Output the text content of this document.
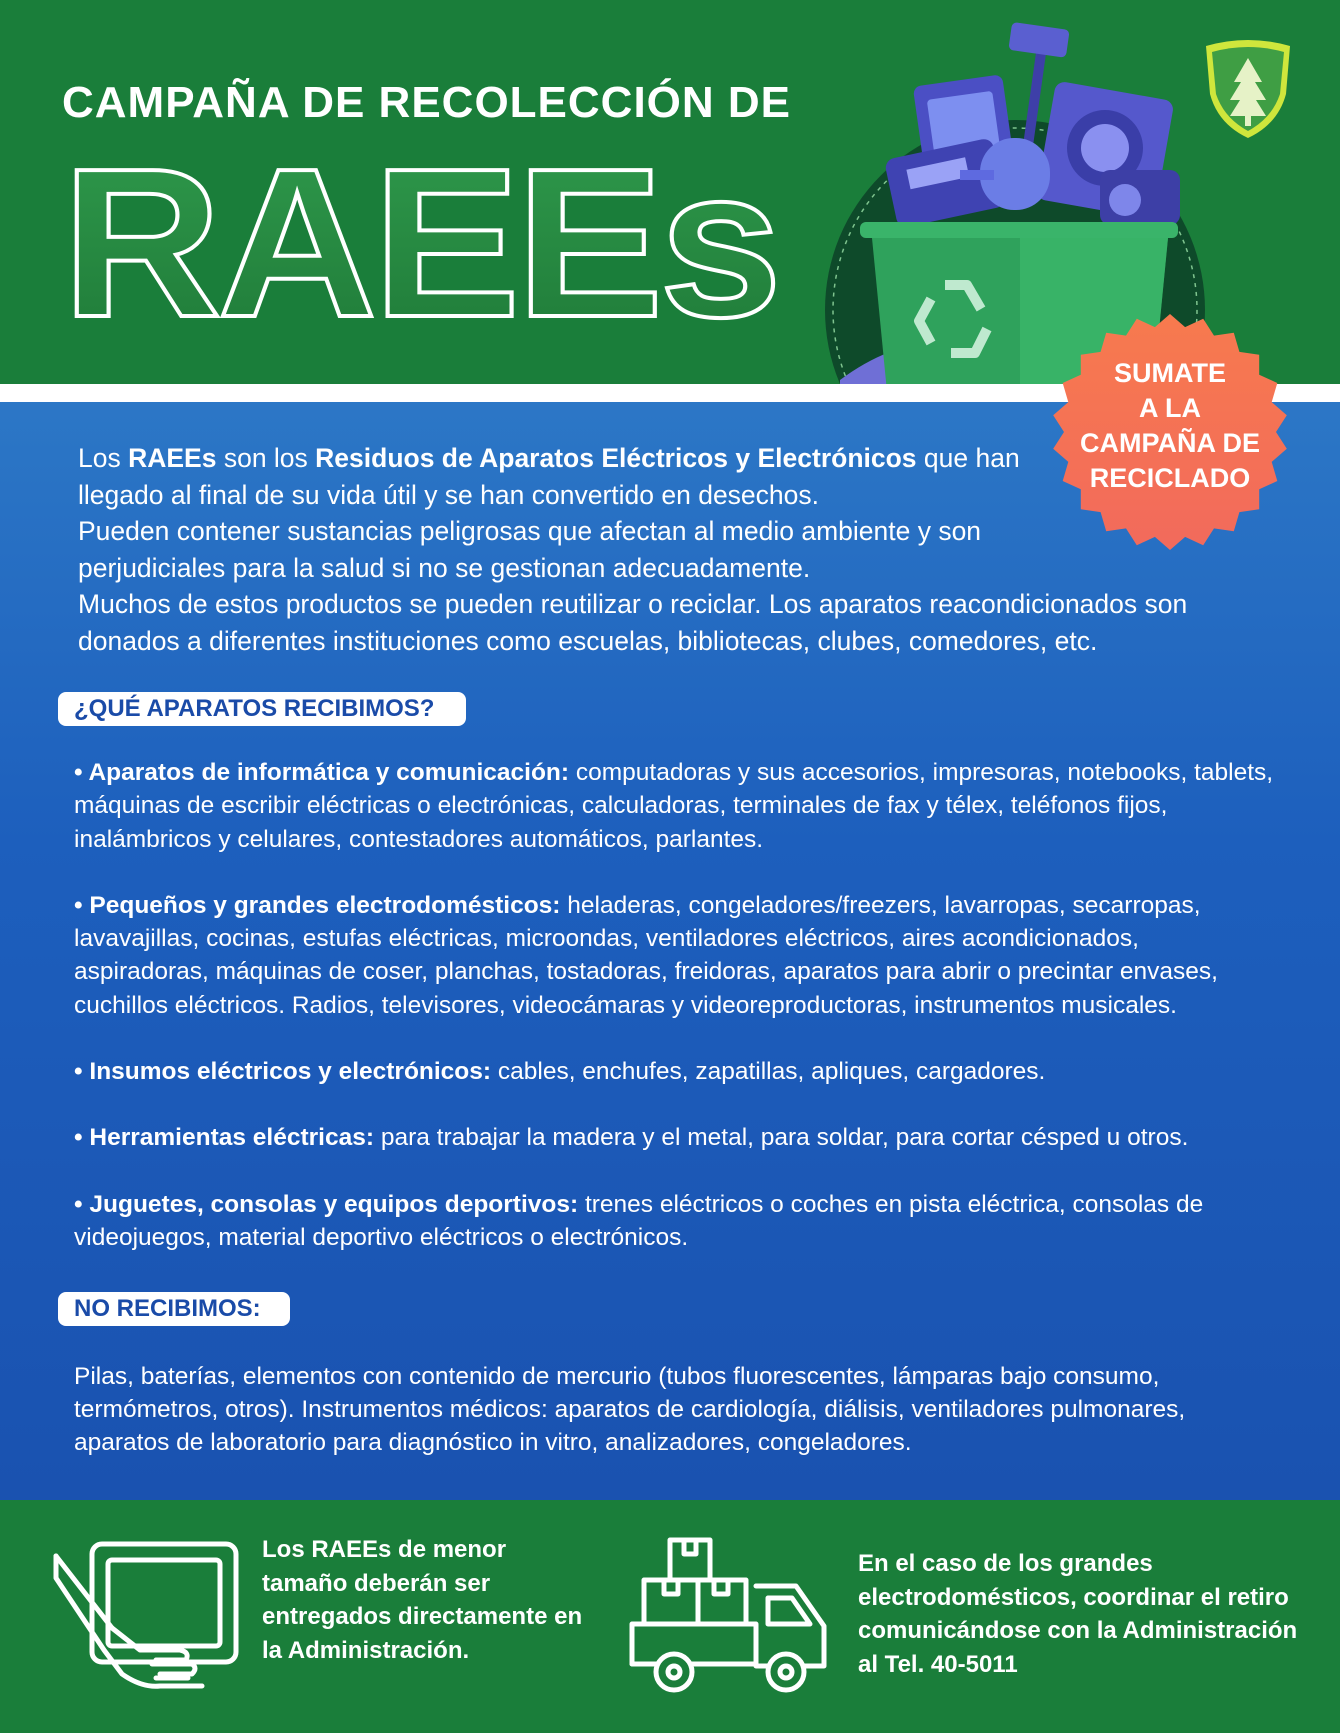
CAMPAÑA DE RECOLECCIÓN DE
RAEEs
SUMATE
A LA
CAMPAÑA DE
RECICLADO

Los RAEEs son los Residuos de Aparatos Eléctricos y Electrónicos que han llegado al final de su vida útil y se han convertido en desechos.

Pueden contener sustancias peligrosas que afectan al medio ambiente y son perjudiciales para la salud si no se gestionan adecuadamente.

Muchos de estos productos se pueden reutilizar o reciclar. Los aparatos reacondicionados son donados a diferentes instituciones como escuelas, bibliotecas, clubes, comedores, etc.

¿QUÉ APARATOS RECIBIMOS?
• Aparatos de informática y comunicación: computadoras y sus accesorios, impresoras, notebooks, tablets, máquinas de escribir eléctricas o electrónicas, calculadoras, terminales de fax y télex, teléfonos fijos, inalámbricos y celulares, contestadores automáticos, parlantes.
• Pequeños y grandes electrodomésticos: heladeras, congeladores/freezers, lavarropas, secarropas, lavavajillas, cocinas, estufas eléctricas, microondas, ventiladores eléctricos, aires acondicionados, aspiradoras, máquinas de coser, planchas, tostadoras, freidoras, aparatos para abrir o precintar envases, cuchillos eléctricos. Radios, televisores, videocámaras y videoreproductoras, instrumentos musicales.
• Insumos eléctricos y electrónicos: cables, enchufes, zapatillas, apliques, cargadores.
• Herramientas eléctricas: para trabajar la madera y el metal, para soldar, para cortar césped u otros.
• Juguetes, consolas y equipos deportivos: trenes eléctricos o coches en pista eléctrica, consolas de videojuegos, material deportivo eléctricos o electrónicos.
NO RECIBIMOS:
Pilas, baterías, elementos con contenido de mercurio (tubos fluorescentes, lámparas bajo consumo, termómetros, otros). Instrumentos médicos: aparatos de cardiología, diálisis, ventiladores pulmonares, aparatos de laboratorio para diagnóstico in vitro, analizadores, congeladores.
Los RAEEs de menor tamaño deberán ser entregados directamente en la Administración.
En el caso de los grandes electrodomésticos, coordinar el retiro comunicándose con la Administración al Tel. 40-5011
